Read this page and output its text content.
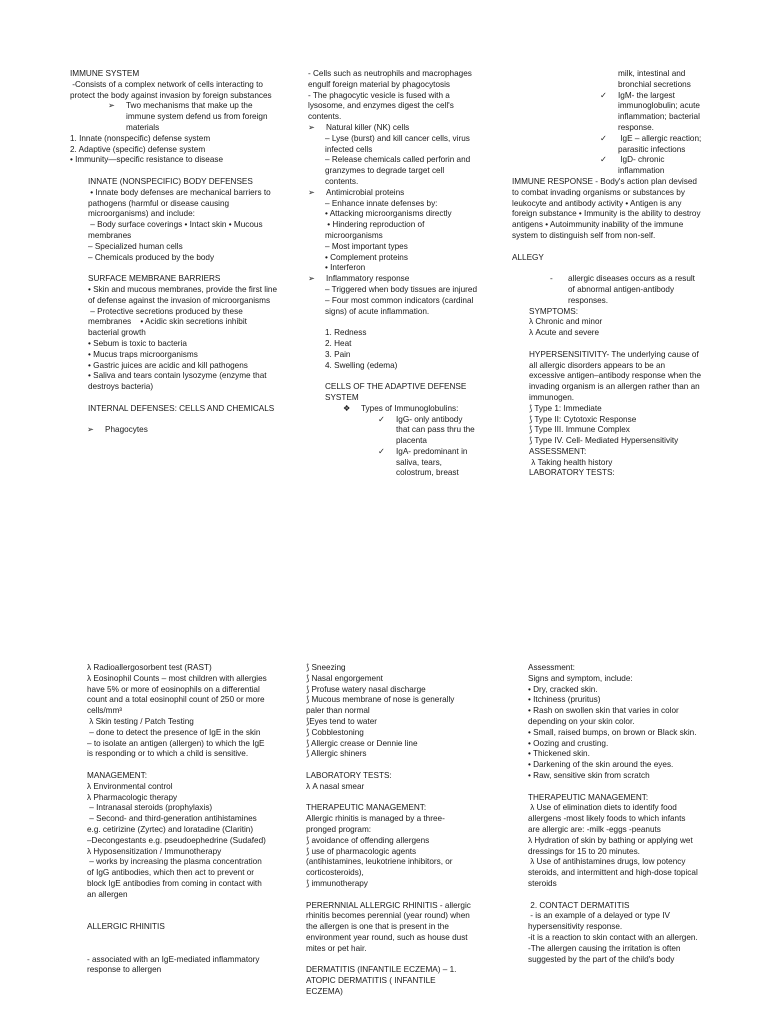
IMMUNE SYSTEM
-Consists of a complex network of cells interacting to protect the body against invasion by foreign substances
➢	Two mechanisms that make up the immune system defend us from foreign materials
1. Innate (nonspecific) defense system
2. Adaptive (specific) defense system
• Immunity—specific resistance to disease
INNATE (NONSPECIFIC) BODY DEFENSES
• Innate body defenses are mechanical barriers to pathogens (harmful or disease causing microorganisms) and include:
– Body surface coverings • Intact skin • Mucous membranes
– Specialized human cells
– Chemicals produced by the body
SURFACE MEMBRANE BARRIERS
• Skin and mucous membranes, provide the first line of defense against the invasion of microorganisms
– Protective secretions produced by these membranes    • Acidic skin secretions inhibit bacterial growth
• Sebum is toxic to bacteria
• Mucus traps microorganisms
• Gastric juices are acidic and kill pathogens
• Saliva and tears contain lysozyme (enzyme that destroys bacteria)
INTERNAL DEFENSES: CELLS AND CHEMICALS
➢	Phagocytes
- Cells such as neutrophils and macrophages engulf foreign material by phagocytosis
- The phagocytic vesicle is fused with a lysosome, and enzymes digest the cell's contents.
➢	Natural killer (NK) cells
– Lyse (burst) and kill cancer cells, virus infected cells
– Release chemicals called perforin and granzymes to degrade target cell contents.
➢	Antimicrobial proteins
– Enhance innate defenses by:
• Attacking microorganisms directly
• Hindering reproduction of microorganisms
– Most important types
• Complement proteins
• Interferon
➢	Inflammatory response
– Triggered when body tissues are injured
– Four most common indicators (cardinal signs) of acute inflammation.
1. Redness
2. Heat
3. Pain
4. Swelling (edema)
CELLS OF THE ADAPTIVE DEFENSE SYSTEM
❖	Types of Immunoglobulins:
✓	IgG- only antibody that can pass thru the placenta
✓	IgA- predominant in saliva, tears, colostrum, breast
milk, intestinal and bronchial secretions
✓	IgM- the largest immunoglobulin; acute inflammation; bacterial response.
✓	IgE – allergic reaction; parasitic infections
✓	IgD- chronic inflammation
IMMUNE RESPONSE - Body's action plan devised to combat invading organisms or substances by leukocyte and antibody activity • Antigen is any foreign substance • Immunity is the ability to destroy antigens • Autoimmunity inability of the immune system to distinguish self from non-self.
ALLEGY
-	allergic diseases occurs as a result of abnormal antigen-antibody responses.
SYMPTOMS:
λ Chronic and minor
λ Acute and severe
HYPERSENSITIVITY- The underlying cause of all allergic disorders appears to be an excessive antigen–antibody response when the invading organism is an allergen rather than an immunogen.
⟆ Type 1: Immediate
⟆ Type II: Cytotoxic Response
⟆ Type III. Immune Complex
⟆ Type IV. Cell- Mediated Hypersensitivity
ASSESSMENT:
λ Taking health history
LABORATORY TESTS:
λ Radioallergosorbent test (RAST)
λ Eosinophil Counts – most children with allergies have 5% or more of eosinophils on a differential count and a total eosinophil count of 250 or more cells/mm³
λ Skin testing / Patch Testing
– done to detect the presence of IgE in the skin
– to isolate an antigen (allergen) to which the IgE is responding or to which a child is sensitive.
MANAGEMENT:
λ Environmental control
λ Pharmacologic therapy
– Intranasal steroids (prophylaxis)
– Second- and third-generation antihistamines e.g. cetirizine (Zyrtec) and loratadine (Claritin)
–Decongestants e.g. pseudoephedrine (Sudafed)
λ Hyposensitization / Immunotherapy
– works by increasing the plasma concentration of IgG antibodies, which then act to prevent or block IgE antibodies from coming in contact with an allergen
ALLERGIC RHINITIS
- associated with an IgE-mediated inflammatory response to allergen
⟆ Sneezing
⟆ Nasal engorgement
⟆ Profuse watery nasal discharge
⟆ Mucous membrane of nose is generally paler than normal
⟆Eyes tend to water
⟆ Cobblestoning
⟆ Allergic crease or Dennie line
⟆ Allergic shiners
LABORATORY TESTS:
λ A nasal smear
THERAPEUTIC MANAGEMENT:
Allergic rhinitis is managed by a three-pronged program:
⟆ avoidance of offending allergens
⟆ use of pharmacologic agents (antihistamines, leukotriene inhibitors, or corticosteroids),
⟆ immunotherapy
PERERNNIAL ALLERGIC RHINITIS - allergic rhinitis becomes perennial (year round) when the allergen is one that is present in the environment year round, such as house dust mites or pet hair.
DERMATITIS (INFANTILE ECZEMA) – 1. ATOPIC DERMATITIS ( INFANTILE ECZEMA)
Assessment:
Signs and symptom, include:
• Dry, cracked skin.
• Itchiness (pruritus)
• Rash on swollen skin that varies in color depending on your skin color.
• Small, raised bumps, on brown or Black skin.
• Oozing and crusting.
• Thickened skin.
• Darkening of the skin around the eyes.
• Raw, sensitive skin from scratch
THERAPEUTIC MANAGEMENT:
λ Use of elimination diets to identify food allergens -most likely foods to which infants are allergic are: -milk -eggs -peanuts
λ Hydration of skin by bathing or applying wet dressings for 15 to 20 minutes.
λ Use of antihistamines drugs, low potency steroids, and intermittent and high-dose topical steroids
2. CONTACT DERMATITIS
- is an example of a delayed or type IV hypersensitivity response.
-it is a reaction to skin contact with an allergen.
-The allergen causing the irritation is often suggested by the part of the child's body
